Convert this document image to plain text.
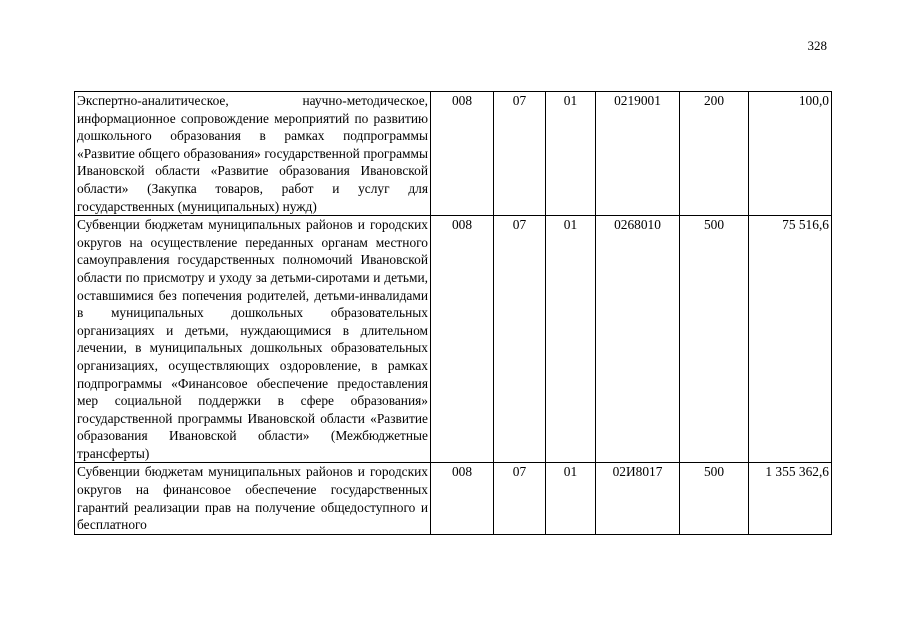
328
Экспертно-аналитическое, научно-методическое, информационное сопровождение мероприятий по развитию дошкольного образования в рамках подпрограммы «Развитие общего образования» государственной программы Ивановской области «Развитие образования Ивановской области» (Закупка товаров, работ и услуг для государственных (муниципальных) нужд)	008	07	01	0219001	200	100,0
Субвенции бюджетам муниципальных районов и городских округов на осуществление переданных органам местного самоуправления государственных полномочий Ивановской области по присмотру и уходу за детьми-сиротами и детьми, оставшимися без попечения родителей, детьми-инвалидами в муниципальных дошкольных образовательных организациях и детьми, нуждающимися в длительном лечении, в муниципальных дошкольных образовательных организациях, осуществляющих оздоровление, в рамках подпрограммы «Финансовое обеспечение предоставления мер социальной поддержки в сфере образования» государственной программы Ивановской области «Развитие образования Ивановской области» (Межбюджетные трансферты)	008	07	01	0268010	500	75 516,6
Субвенции бюджетам муниципальных районов и городских округов на финансовое обеспечение государственных гарантий реализации прав на получение общедоступного и бесплатного	008	07	01	02И8017	500	1 355 362,6
